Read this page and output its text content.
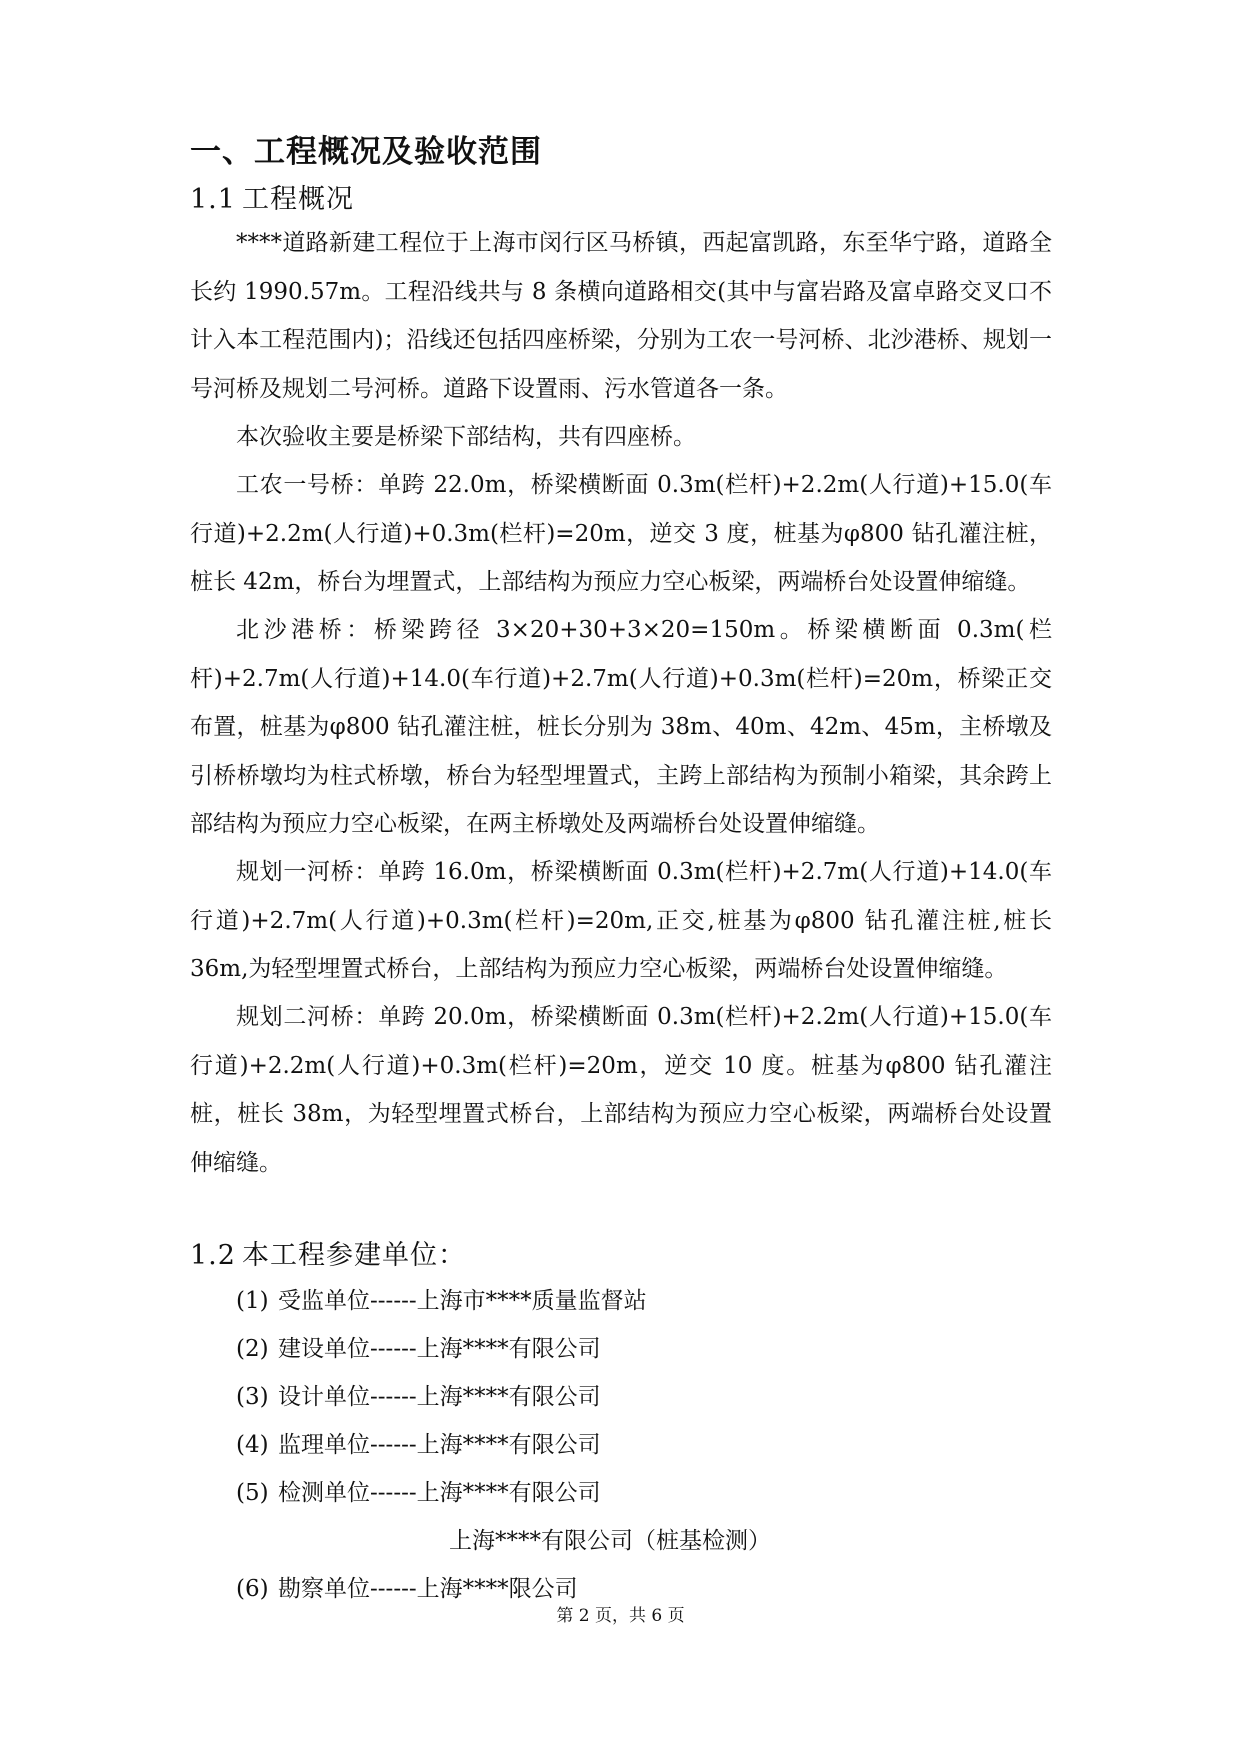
一、工程概况及验收范围
1.1 工程概况

****道路新建工程位于上海市闵行区马桥镇，西起富凯路，东至华宁路，道路全长约 1990.57m。工程沿线共与 8 条横向道路相交(其中与富岩路及富卓路交叉口不计入本工程范围内)；沿线还包括四座桥梁，分别为工农一号河桥、北沙港桥、规划一号河桥及规划二号河桥。道路下设置雨、污水管道各一条。

本次验收主要是桥梁下部结构，共有四座桥。

工农一号桥：单跨 22.0m，桥梁横断面 0.3m(栏杆)+2.2m(人行道)+15.0(车行道)+2.2m(人行道)+0.3m(栏杆)=20m，逆交 3 度，桩基为φ800 钻孔灌注桩，桩长 42m，桥台为埋置式，上部结构为预应力空心板梁，两端桥台处设置伸缩缝。

北沙港桥：桥梁跨径 3×20+30+3×20=150m。桥梁横断面 0.3m(栏杆)+2.7m(人行道)+14.0(车行道)+2.7m(人行道)+0.3m(栏杆)=20m，桥梁正交布置，桩基为φ800 钻孔灌注桩，桩长分别为 38m、40m、42m、45m，主桥墩及引桥桥墩均为柱式桥墩，桥台为轻型埋置式，主跨上部结构为预制小箱梁，其余跨上部结构为预应力空心板梁，在两主桥墩处及两端桥台处设置伸缩缝。

规划一河桥：单跨 16.0m，桥梁横断面 0.3m(栏杆)+2.7m(人行道)+14.0(车行道)+2.7m(人行道)+0.3m(栏杆)=20m,正交,桩基为φ800 钻孔灌注桩,桩长 36m,为轻型埋置式桥台，上部结构为预应力空心板梁，两端桥台处设置伸缩缝。

规划二河桥：单跨 20.0m，桥梁横断面 0.3m(栏杆)+2.2m(人行道)+15.0(车行道)+2.2m(人行道)+0.3m(栏杆)=20m，逆交 10 度。桩基为φ800 钻孔灌注桩，桩长 38m，为轻型埋置式桥台，上部结构为预应力空心板梁，两端桥台处设置伸缩缝。

1.2 本工程参建单位：
(1) 受监单位------上海市****质量监督站
(2) 建设单位------上海****有限公司
(3) 设计单位------上海****有限公司
(4) 监理单位------上海****有限公司
(5) 检测单位------上海****有限公司
上海****有限公司（桩基检测）
(6) 勘察单位------上海****限公司
第 2 页，共 6 页
